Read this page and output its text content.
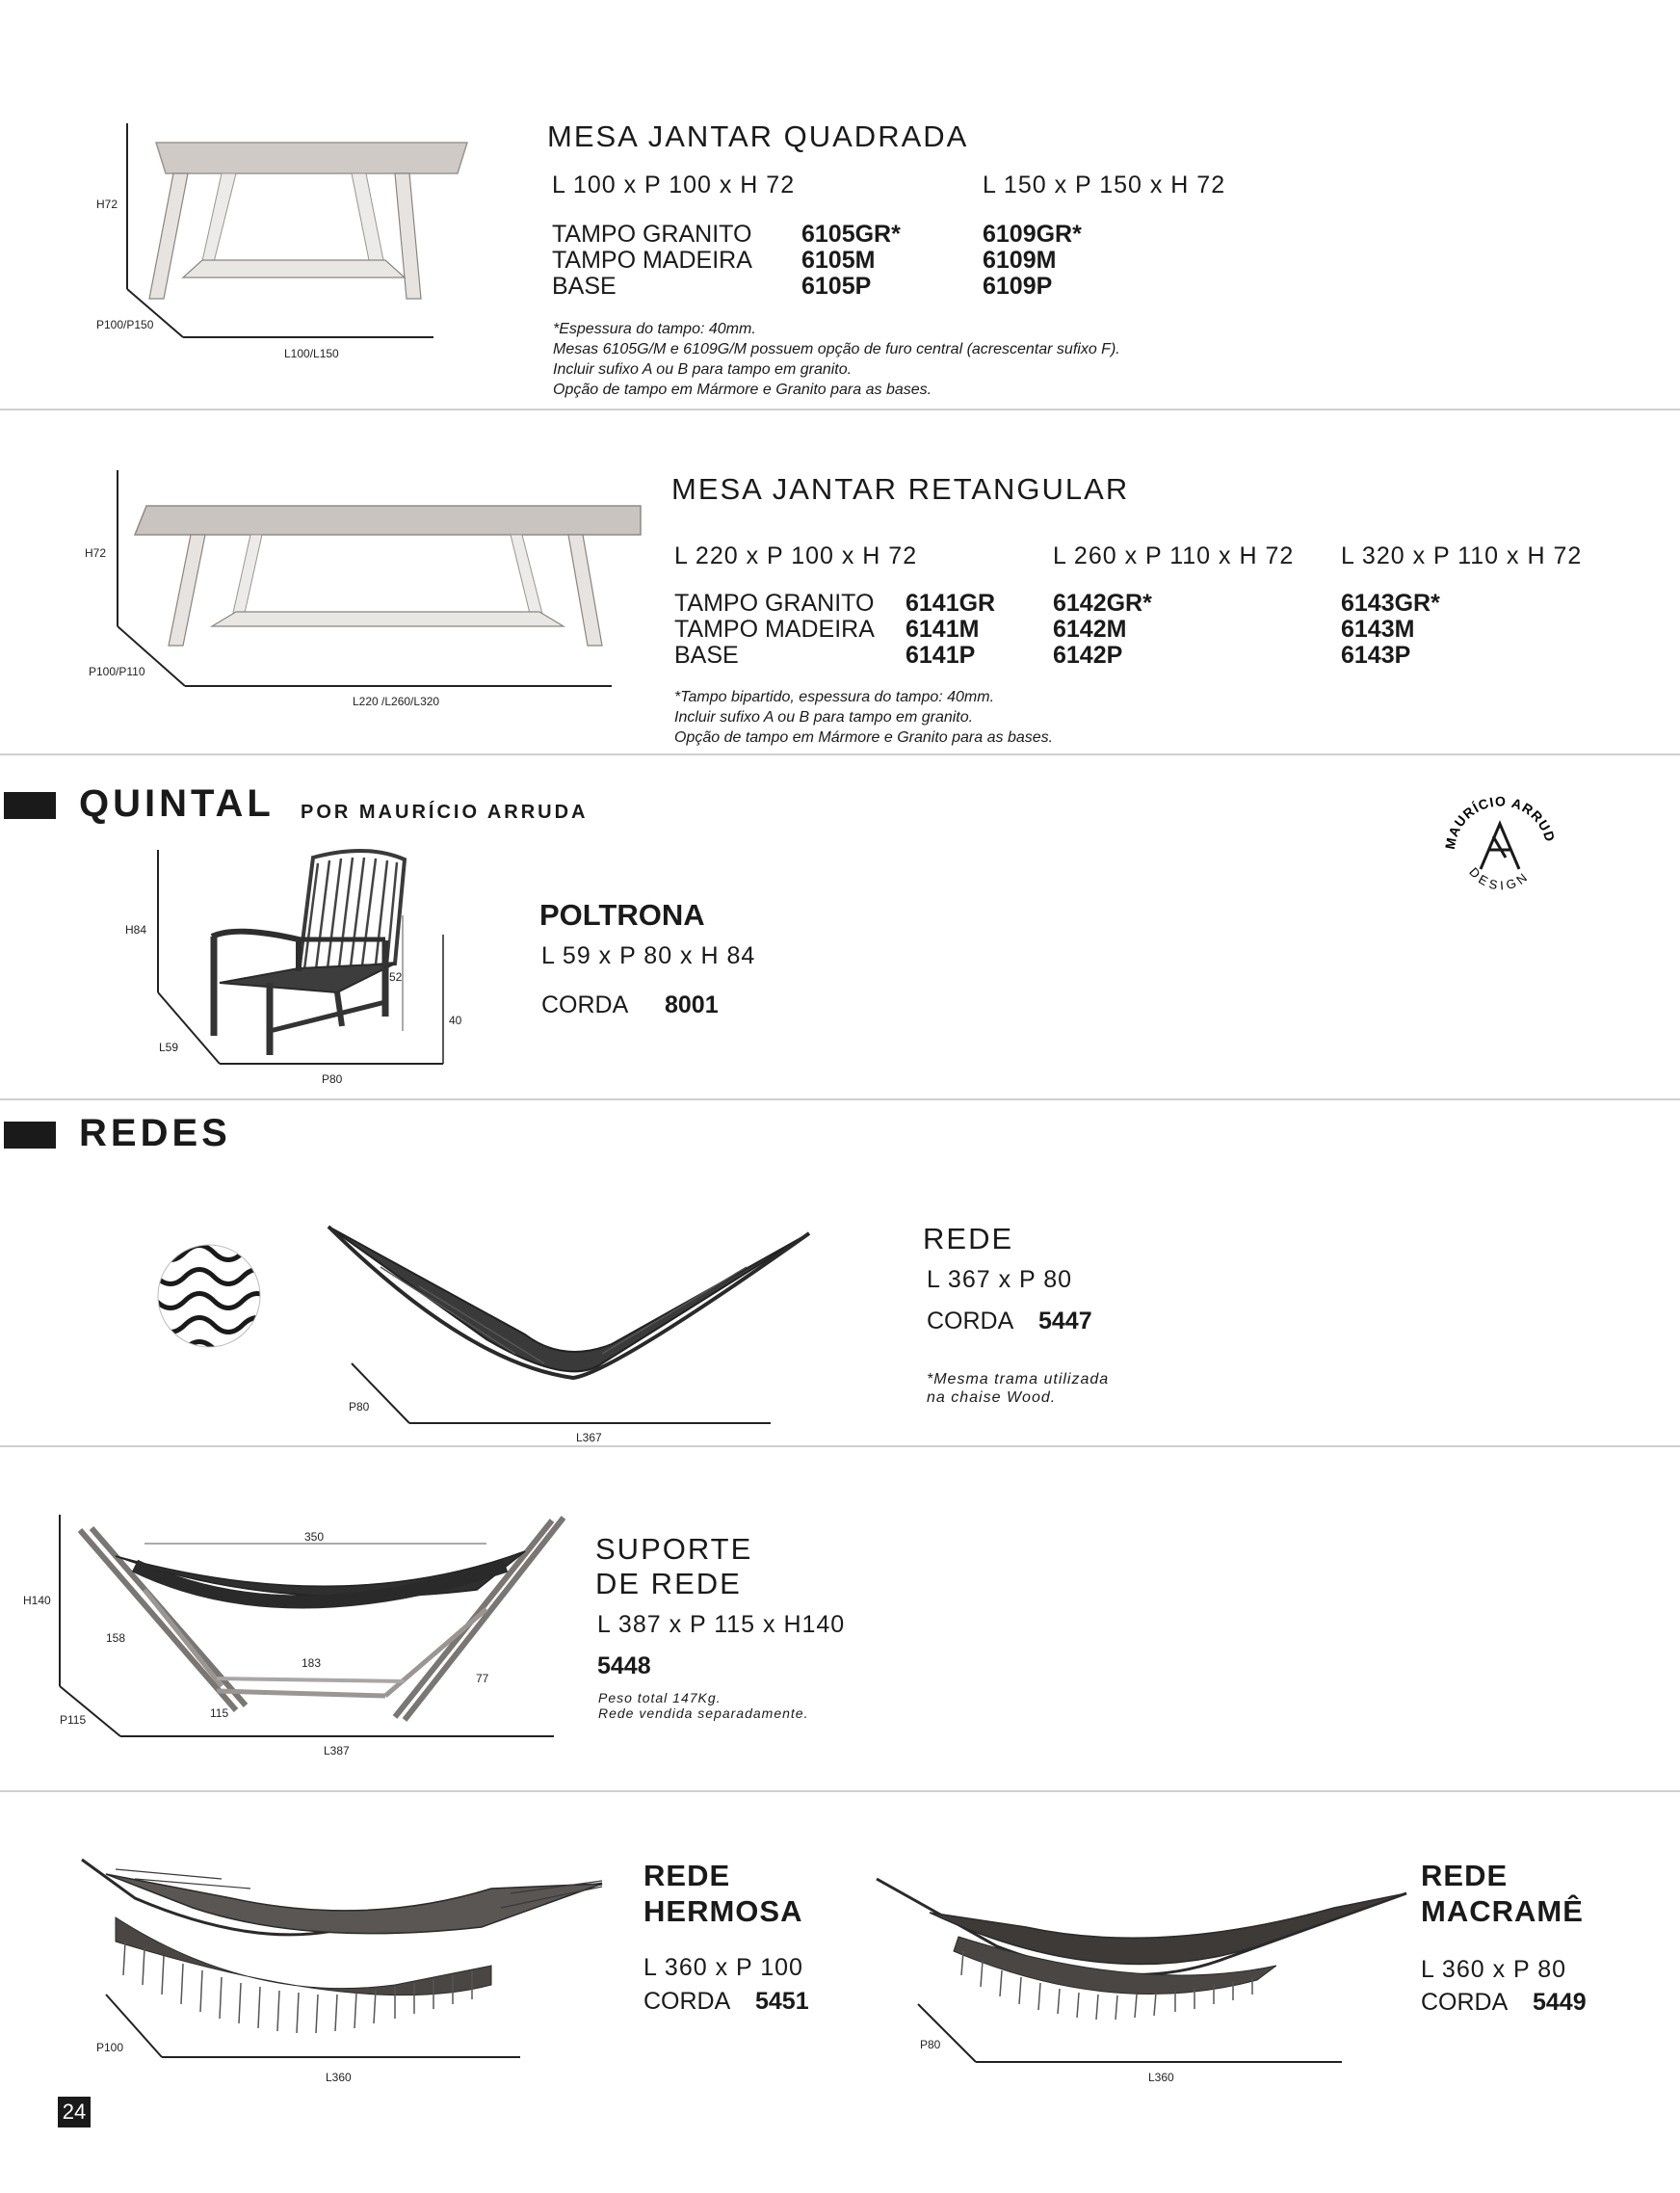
H72
P100/P150
L100/L150
MESA JANTAR QUADRADA
L 100 x P 100 x H 72	L 150 x P 150 x H 72
TAMPO GRANITO
TAMPO MADEIRA
BASE
6105GR*
6105M
6105P
6109GR*
6109M
6109P
*Espessura do tampo: 40mm.
Mesas 6105G/M e 6109G/M possuem opção de furo central (acrescentar sufixo F).
Incluir sufixo A ou B para tampo em granito.
Opção de tampo em Mármore e Granito para as bases.
H72
P100/P110
L220 /L260/L320
MESA JANTAR RETANGULAR
L 220 x P 100 x H 72	L 260 x P 110 x H 72 L 320 x P 110 x H 72
TAMPO GRANITO
TAMPO MADEIRA
BASE
6141GR
6141M
6141P
6142GR*
6142M
6142P
6143GR*
6143M
6143P
*Tampo bipartido, espessura do tampo: 40mm.
Incluir sufixo A ou B para tampo em granito.
Opção de tampo em Mármore e Granito para as bases.
QUINTAL POR MAURÍCIO ARRUDA
MAURÍCIO ARRUDA
DESIGN
H84
52
40
L59
P80
POLTRONA
L 59 x P 80 x H 84
CORDA 8001
REDES
P80
L367
REDE
L 367 x P 80
CORDA 5447
*Mesma trama utilizada
na chaise Wood.
350
H140
158
183
77
115
P115
L387
SUPORTE
DE REDE
L 387 x P 115 x H140
5448
Peso total 147Kg.
Rede vendida separadamente.
P100
L360
REDE
HERMOSA
L 360 x P 100
CORDA 5451
P80
L360
REDE
MACRAMÊ
L 360 x P 80
CORDA 5449
24
